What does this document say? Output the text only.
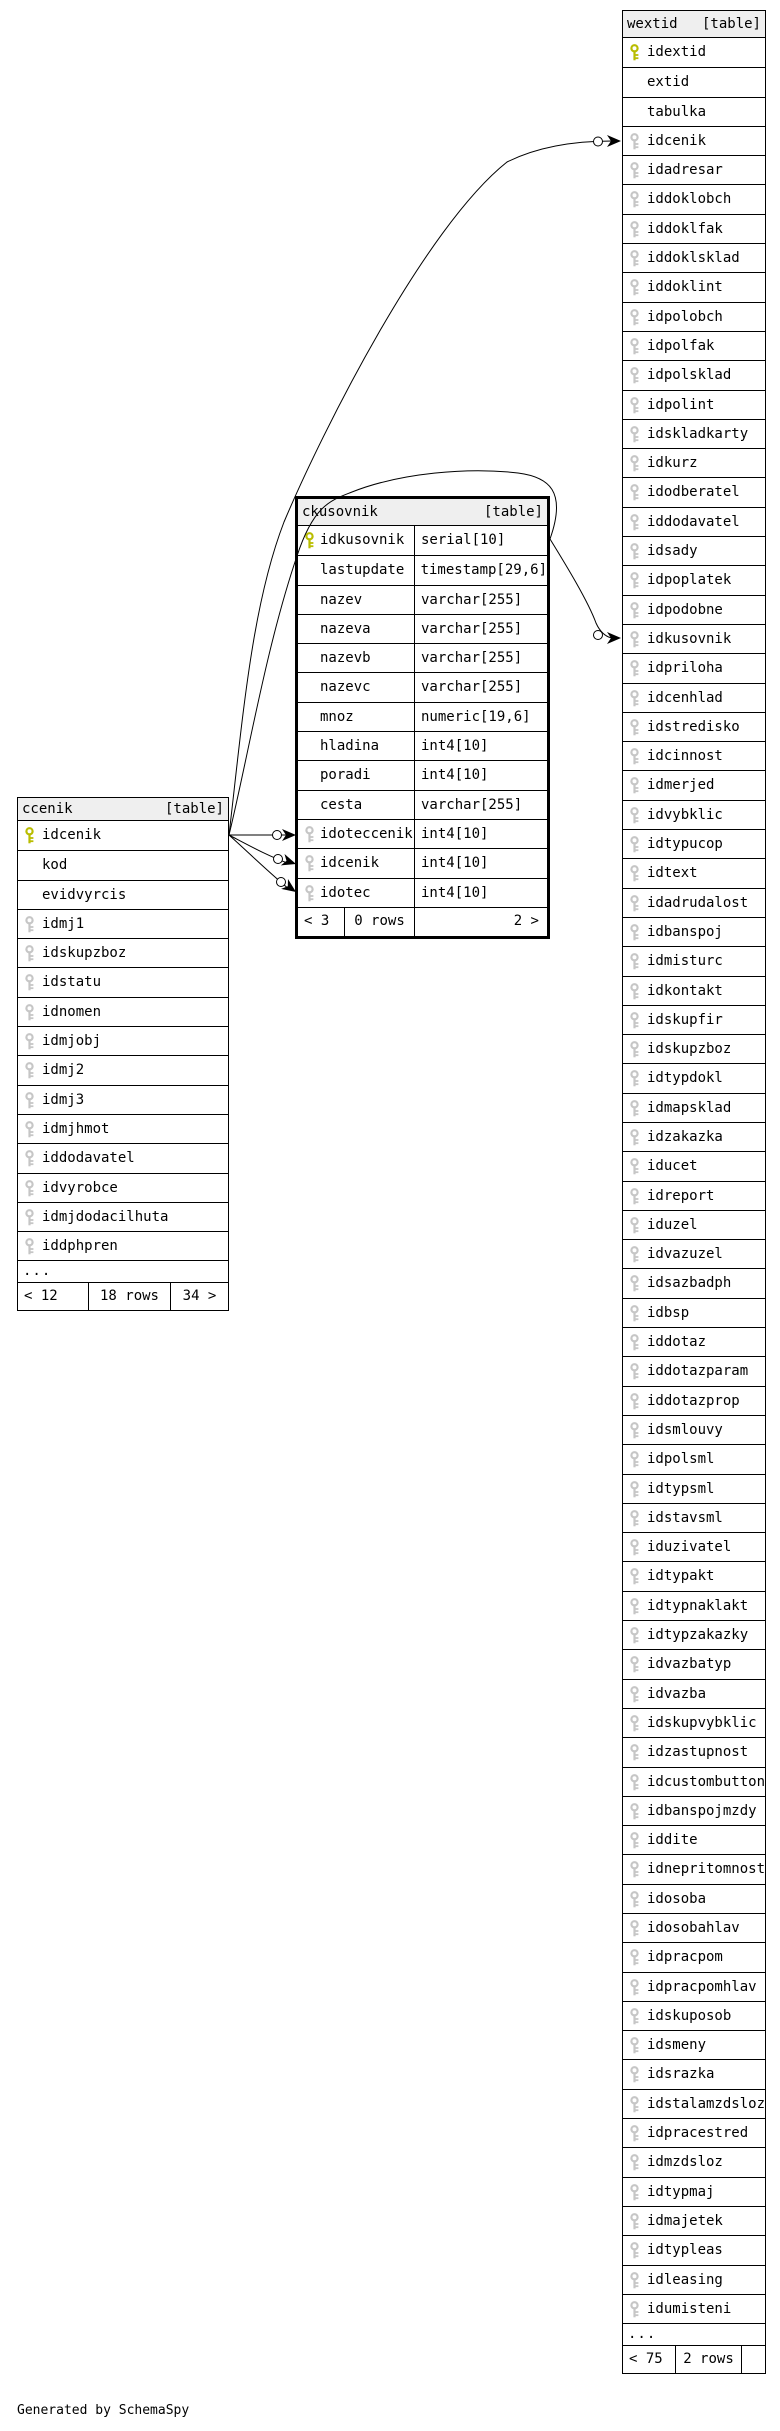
ccenik	[table]
idcenik
kod
evidvyrcis
idmj1
idskupzboz
idstatu
idnomen
idmjobj
idmj2
idmj3
idmjhmot
iddodavatel
idvyrobce
idmjdodacilhuta
iddphpren
...
< 12	18 rows	34 >
ckusovnik	[table]
idkusovnik	serial[10]
lastupdate	timestamp[29,6]
nazev	varchar[255]
nazeva	varchar[255]
nazevb	varchar[255]
nazevc	varchar[255]
mnoz	numeric[19,6]
hladina	int4[10]
poradi	int4[10]
cesta	varchar[255]
idoteccenik int4[10]
idcenik	int4[10]
idotec	int4[10]
< 3	0 rows	2 >
wextid [table]
idextid
extid
tabulka
idcenik
idadresar
iddoklobch
iddoklfak
iddoklsklad
iddoklint
idpolobch
idpolfak
idpolsklad
idpolint
idskladkarty
idkurz
idodberatel
iddodavatel
idsady
idpoplatek
idpodobne
idkusovnik
idpriloha
idcenhlad
idstredisko
idcinnost
idmerjed
idvybklic
idtypucop
idtext
idadrudalost
idbanspoj
idmisturc
idkontakt
idskupfir
idskupzboz
idtypdokl
idmapsklad
idzakazka
iducet
idreport
iduzel
idvazuzel
idsazbadph
idbsp
iddotaz
iddotazparam
iddotazprop
idsmlouvy
idpolsml
idtypsml
idstavsml
iduzivatel
idtypakt
idtypnaklakt
idtypzakazky
idvazbatyp
idvazba
idskupvybklic
idzastupnost
idcustombutton
idbanspojmzdy
iddite
idnepritomnost
idosoba
idosobahlav
idpracpom
idpracpomhlav
idskuposob
idsmeny
idsrazka
idstalamzdsloz
idpracestred
idmzdsloz
idtypmaj
idmajetek
idtypleas
idleasing
idumisteni
...
< 75	2 rows
Generated by SchemaSpy
